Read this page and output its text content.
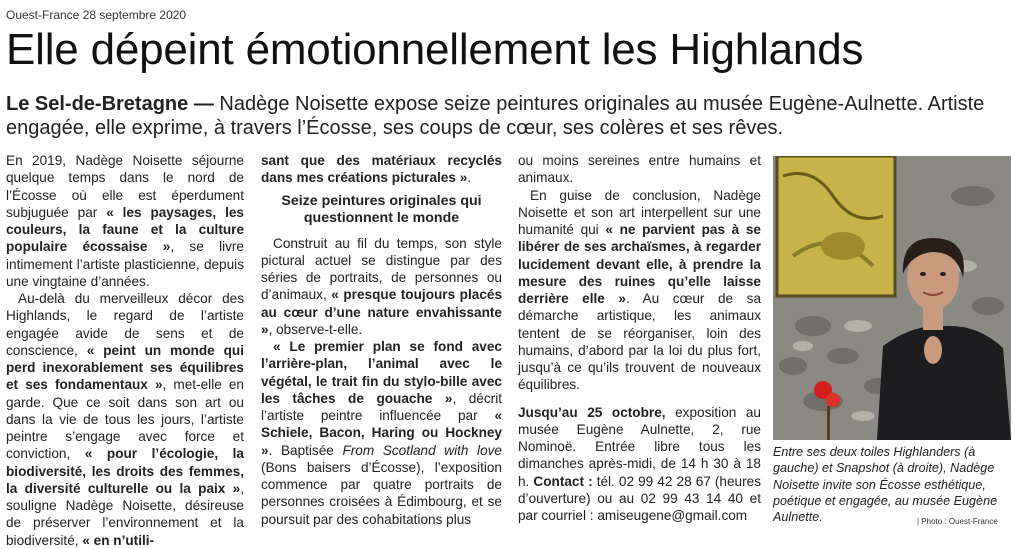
Ouest-France 28 septembre 2020
Elle dépeint émotionnellement les Highlands
Le Sel-de-Bretagne — Nadège Noisette expose seize peintures originales au musée Eugène-Aulnette. Artiste engagée, elle exprime, à travers l’Écosse, ses coups de cœur, ses colères et ses rêves.

En 2019, Nadège Noisette séjourne quelque temps dans le nord de l’Écosse où elle est éperdument subjuguée par « les paysages, les couleurs, la faune et la culture populaire écossaise », se livre intimement l’artiste plasticienne, depuis une vingtaine d’années.

Au-delà du merveilleux décor des Highlands, le regard de l’artiste engagée avide de sens et de conscience, « peint un monde qui perd inexorablement ses équilibres et ses fondamentaux », met-elle en garde. Que ce soit dans son art ou dans la vie de tous les jours, l’artiste peintre s’engage avec force et conviction, « pour l’écologie, la biodiversité, les droits des femmes, la diversité culturelle ou la paix », souligne Nadège Noisette, désireuse de préserver l’environnement et la biodiversité, « en n’utili-

sant que des matériaux recyclés dans mes créations picturales ».

Seize peintures originales qui questionnent le monde

Construit au fil du temps, son style pictural actuel se distingue par des séries de portraits, de personnes ou d’animaux, « presque toujours placés au cœur d’une nature envahissante », observe-t-elle.

« Le premier plan se fond avec l’arrière-plan, l’animal avec le végétal, le trait fin du stylo-bille avec les tâches de gouache », décrit l’artiste peintre influencée par « Schiele, Bacon, Haring ou Hockney ». Baptisée From Scotland with love (Bons baisers d’Écosse), l’exposition commence par quatre portraits de personnes croisées à Édimbourg, et se poursuit par des cohabitations plus

ou moins sereines entre humains et animaux.

En guise de conclusion, Nadège Noisette et son art interpellent sur une humanité qui « ne parvient pas à se libérer de ses archaïsmes, à regarder lucidement devant elle, à prendre la mesure des ruines qu’elle laisse derrière elle ». Au cœur de sa démarche artistique, les animaux tentent de se réorganiser, loin des humains, d’abord par la loi du plus fort, jusqu’à ce qu’ils trouvent de nouveaux équilibres.

Jusqu’au 25 octobre, exposition au musée Eugène Aulnette, 2, rue Nominoë. Entrée libre tous les dimanches après-midi, de 14 h 30 à 18 h. Contact : tél. 02 99 42 28 67 (heures d’ouverture) ou au 02 99 43 14 40 et par courriel : amiseugene@gmail.com

Entre ses deux toiles Highlanders (à gauche) et Snapshot (à droite), Nadège Noisette invite son Écosse esthétique, poétique et engagée, au musée Eugène Aulnette.	| Photo : Ouest-France
